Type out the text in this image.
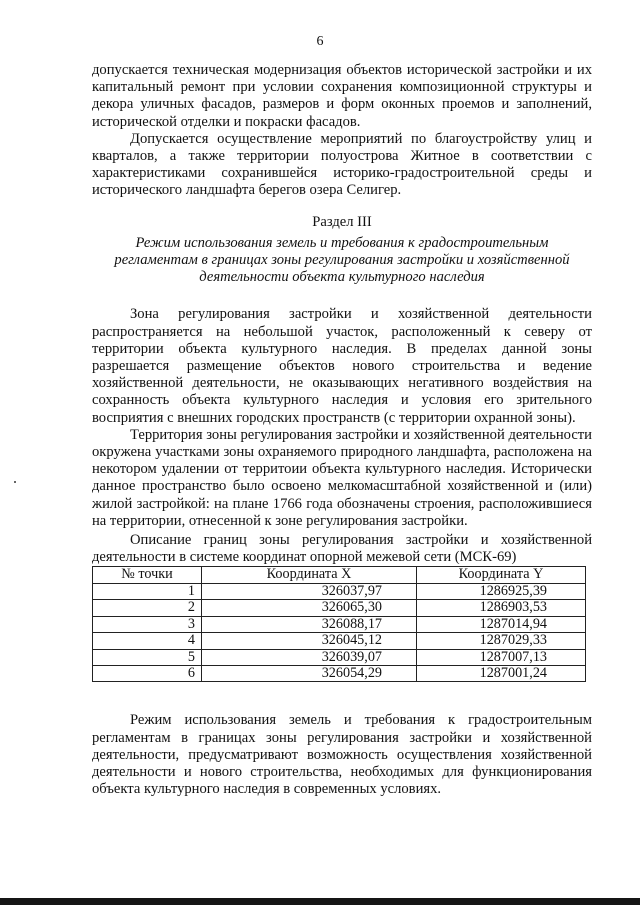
6

допускается техническая модернизация объектов исторической застройки и их капитальный ремонт при условии сохранения композиционной структуры и декора уличных фасадов, размеров и форм оконных проемов и заполнений, исторической отделки и покраски фасадов.

Допускается осуществление мероприятий по благоустройству улиц и кварталов, а также территории полуострова Житное в соответствии с характеристиками сохранившейся историко-градостроительной среды и исторического ландшафта берегов озера Селигер.

Раздел III
Режим использования земель и требования к градостроительным регламентам в границах зоны регулирования застройки и хозяйственной деятельности объекта культурного наследия

Зона регулирования застройки и хозяйственной деятельности распространяется на небольшой участок, расположенный к северу от территории объекта культурного наследия. В пределах данной зоны разрешается размещение объектов нового строительства и ведение хозяйственной деятельности, не оказывающих негативного воздействия на сохранность объекта культурного наследия и условия его зрительного восприятия с внешних городских пространств (с территории охранной зоны).

Территория зоны регулирования застройки и хозяйственной деятельности окружена участками зоны охраняемого природного ландшафта, расположена на некотором удалении от территоии объекта культурного наследия. Исторически данное пространство было освоено мелкомасштабной хозяйственной и (или) жилой застройкой: на плане 1766 года обозначены строения, расположившиеся на территории, отнесенной к зоне регулирования застройки.

Описание границ зоны регулирования застройки и хозяйственной деятельности в системе координат опорной межевой сети (МСК-69)

№ точки	Координата X	Координата Y
1	326037,97	1286925,39
2	326065,30	1286903,53
3	326088,17	1287014,94
4	326045,12	1287029,33
5	326039,07	1287007,13
6	326054,29	1287001,24

Режим использования земель и требования к градостроительным регламентам в границах зоны регулирования застройки и хозяйственной деятельности, предусматривают возможность осуществления хозяйственной деятельности и нового строительства, необходимых для функционирования объекта культурного наследия в современных условиях.
